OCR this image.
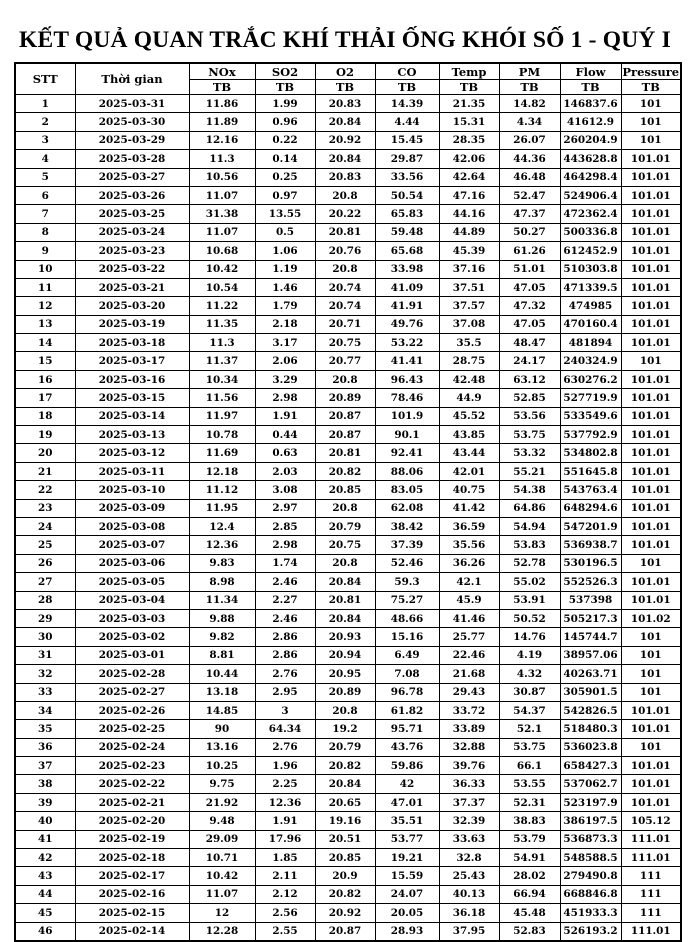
KẾT QUẢ QUAN TRẮC KHÍ THẢI ỐNG KHÓI SỐ 1 - QUÝ I
STT	Thời gian	NOx	SO2	O2	CO	Temp	PM	Flow	Pressure
		TB	TB	TB	TB	TB	TB	TB	TB
1	2025-03-31	11.86	1.99	20.83	14.39	21.35	14.82	146837.6	101
2	2025-03-30	11.89	0.96	20.84	4.44	15.31	4.34	41612.9	101
3	2025-03-29	12.16	0.22	20.92	15.45	28.35	26.07	260204.9	101
4	2025-03-28	11.3	0.14	20.84	29.87	42.06	44.36	443628.8	101.01
5	2025-03-27	10.56	0.25	20.83	33.56	42.64	46.48	464298.4	101.01
6	2025-03-26	11.07	0.97	20.8	50.54	47.16	52.47	524906.4	101.01
7	2025-03-25	31.38	13.55	20.22	65.83	44.16	47.37	472362.4	101.01
8	2025-03-24	11.07	0.5	20.81	59.48	44.89	50.27	500336.8	101.01
9	2025-03-23	10.68	1.06	20.76	65.68	45.39	61.26	612452.9	101.01
10	2025-03-22	10.42	1.19	20.8	33.98	37.16	51.01	510303.8	101.01
11	2025-03-21	10.54	1.46	20.74	41.09	37.51	47.05	471339.5	101.01
12	2025-03-20	11.22	1.79	20.74	41.91	37.57	47.32	474985	101.01
13	2025-03-19	11.35	2.18	20.71	49.76	37.08	47.05	470160.4	101.01
14	2025-03-18	11.3	3.17	20.75	53.22	35.5	48.47	481894	101.01
15	2025-03-17	11.37	2.06	20.77	41.41	28.75	24.17	240324.9	101
16	2025-03-16	10.34	3.29	20.8	96.43	42.48	63.12	630276.2	101.01
17	2025-03-15	11.56	2.98	20.89	78.46	44.9	52.85	527719.9	101.01
18	2025-03-14	11.97	1.91	20.87	101.9	45.52	53.56	533549.6	101.01
19	2025-03-13	10.78	0.44	20.87	90.1	43.85	53.75	537792.9	101.01
20	2025-03-12	11.69	0.63	20.81	92.41	43.44	53.32	534802.8	101.01
21	2025-03-11	12.18	2.03	20.82	88.06	42.01	55.21	551645.8	101.01
22	2025-03-10	11.12	3.08	20.85	83.05	40.75	54.38	543763.4	101.01
23	2025-03-09	11.95	2.97	20.8	62.08	41.42	64.86	648294.6	101.01
24	2025-03-08	12.4	2.85	20.79	38.42	36.59	54.94	547201.9	101.01
25	2025-03-07	12.36	2.98	20.75	37.39	35.56	53.83	536938.7	101.01
26	2025-03-06	9.83	1.74	20.8	52.46	36.26	52.78	530196.5	101
27	2025-03-05	8.98	2.46	20.84	59.3	42.1	55.02	552526.3	101.01
28	2025-03-04	11.34	2.27	20.81	75.27	45.9	53.91	537398	101.01
29	2025-03-03	9.88	2.46	20.84	48.66	41.46	50.52	505217.3	101.02
30	2025-03-02	9.82	2.86	20.93	15.16	25.77	14.76	145744.7	101
31	2025-03-01	8.81	2.86	20.94	6.49	22.46	4.19	38957.06	101
32	2025-02-28	10.44	2.76	20.95	7.08	21.68	4.32	40263.71	101
33	2025-02-27	13.18	2.95	20.89	96.78	29.43	30.87	305901.5	101
34	2025-02-26	14.85	3	20.8	61.82	33.72	54.37	542826.5	101.01
35	2025-02-25	90	64.34	19.2	95.71	33.89	52.1	518480.3	101.01
36	2025-02-24	13.16	2.76	20.79	43.76	32.88	53.75	536023.8	101
37	2025-02-23	10.25	1.96	20.82	59.86	39.76	66.1	658427.3	101.01
38	2025-02-22	9.75	2.25	20.84	42	36.33	53.55	537062.7	101.01
39	2025-02-21	21.92	12.36	20.65	47.01	37.37	52.31	523197.9	101.01
40	2025-02-20	9.48	1.91	19.16	35.51	32.39	38.83	386197.5	105.12
41	2025-02-19	29.09	17.96	20.51	53.77	33.63	53.79	536873.3	111.01
42	2025-02-18	10.71	1.85	20.85	19.21	32.8	54.91	548588.5	111.01
43	2025-02-17	10.42	2.11	20.9	15.59	25.43	28.02	279490.8	111
44	2025-02-16	11.07	2.12	20.82	24.07	40.13	66.94	668846.8	111
45	2025-02-15	12	2.56	20.92	20.05	36.18	45.48	451933.3	111
46	2025-02-14	12.28	2.55	20.87	28.93	37.95	52.83	526193.2	111.01
